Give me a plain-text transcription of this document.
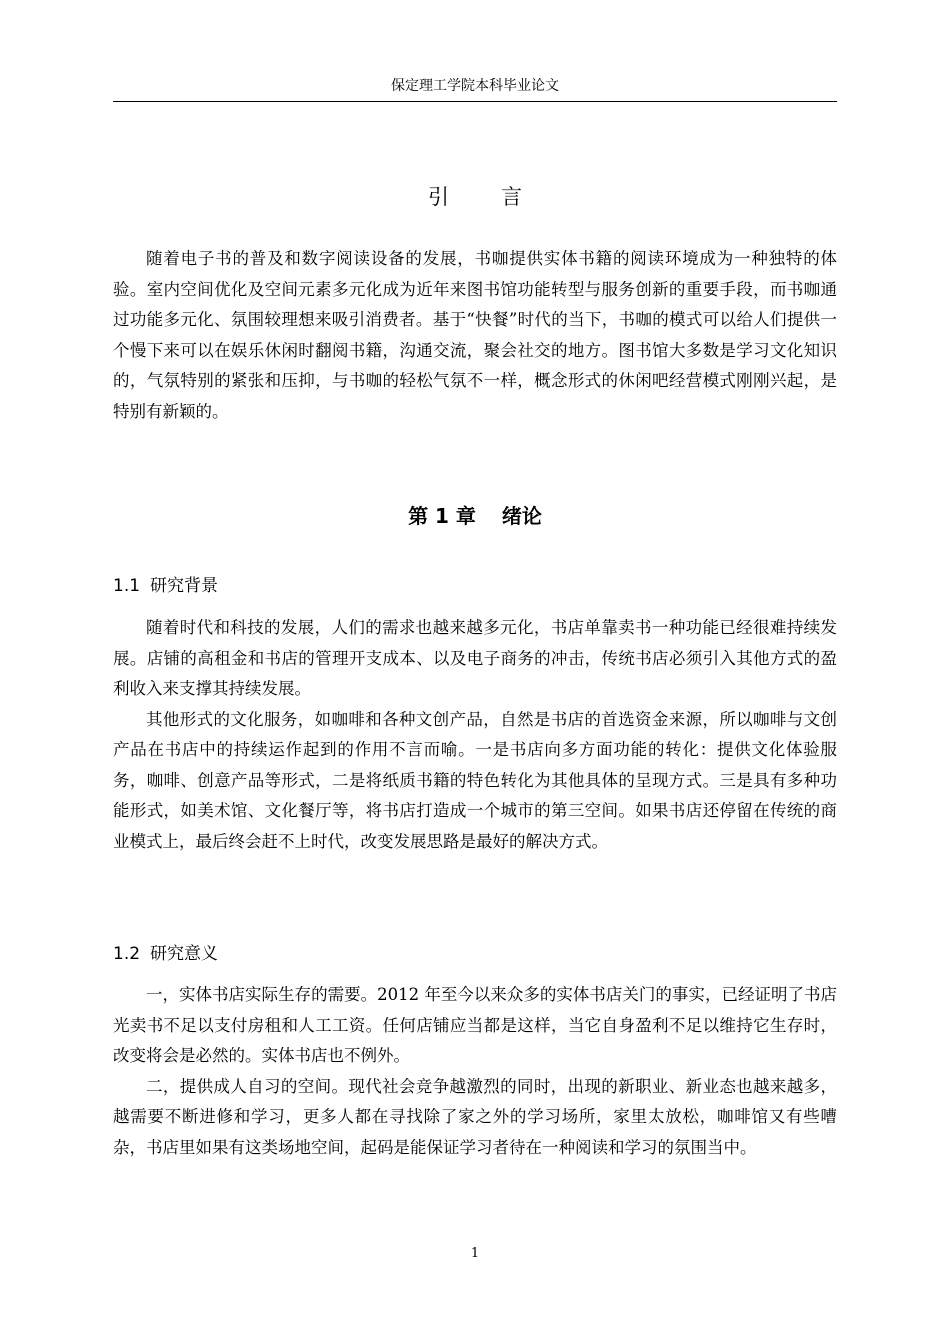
保定理工学院本科毕业论文
引 言

随着电子书的普及和数字阅读设备的发展，书咖提供实体书籍的阅读环境成为一种独特的体验。室内空间优化及空间元素多元化成为近年来图书馆功能转型与服务创新的重要手段，而书咖通过功能多元化、氛围较理想来吸引消费者。基于“快餐”时代的当下，书咖的模式可以给人们提供一个慢下来可以在娱乐休闲时翻阅书籍，沟通交流，聚会社交的地方。图书馆大多数是学习文化知识的，气氛特别的紧张和压抑，与书咖的轻松气氛不一样，概念形式的休闲吧经营模式刚刚兴起，是特别有新颖的。

第 1 章 绪论
1.1 研究背景

随着时代和科技的发展，人们的需求也越来越多元化，书店单靠卖书一种功能已经很难持续发展。店铺的高租金和书店的管理开支成本、以及电子商务的冲击，传统书店必须引入其他方式的盈利收入来支撑其持续发展。

其他形式的文化服务，如咖啡和各种文创产品，自然是书店的首选资金来源，所以咖啡与文创产品在书店中的持续运作起到的作用不言而喻。一是书店向多方面功能的转化：提供文化体验服务，咖啡、创意产品等形式，二是将纸质书籍的特色转化为其他具体的呈现方式。三是具有多种功能形式，如美术馆、文化餐厅等，将书店打造成一个城市的第三空间。如果书店还停留在传统的商业模式上，最后终会赶不上时代，改变发展思路是最好的解决方式。

1.2 研究意义

一，实体书店实际生存的需要。2012 年至今以来众多的实体书店关门的事实，已经证明了书店光卖书不足以支付房租和人工工资。任何店铺应当都是这样，当它自身盈利不足以维持它生存时，改变将会是必然的。实体书店也不例外。

二，提供成人自习的空间。现代社会竞争越激烈的同时，出现的新职业、新业态也越来越多，越需要不断进修和学习，更多人都在寻找除了家之外的学习场所，家里太放松，咖啡馆又有些嘈杂，书店里如果有这类场地空间，起码是能保证学习者待在一种阅读和学习的氛围当中。

1
